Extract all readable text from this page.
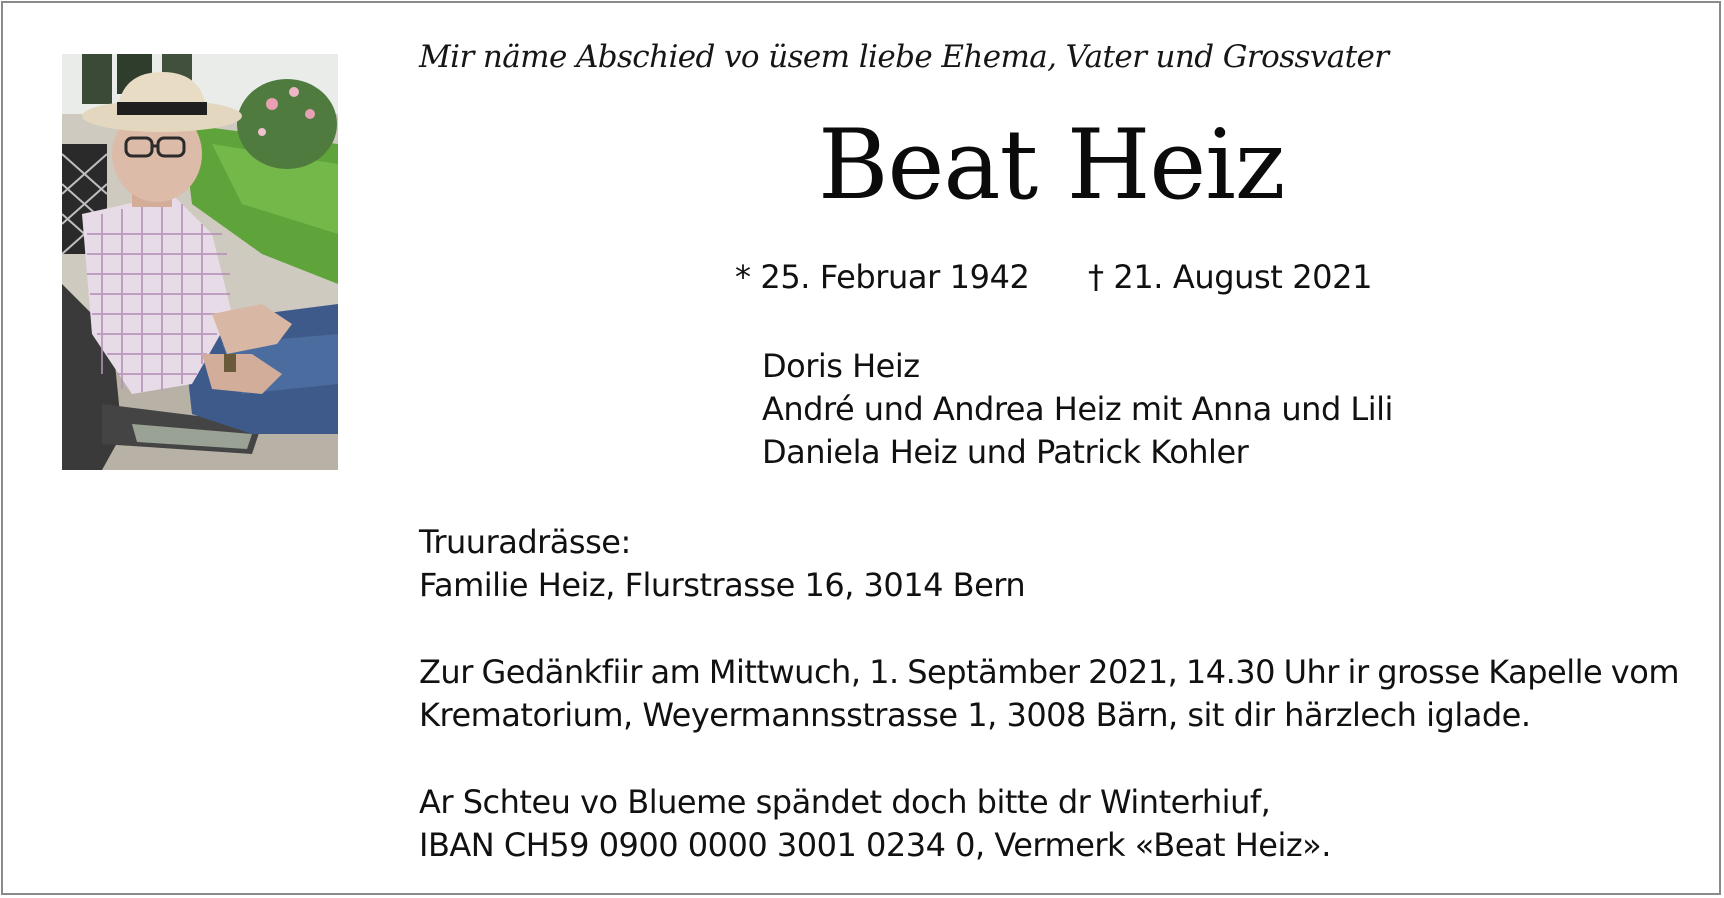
Mir näme Abschied vo üsem liebe Ehema, Vater und Grossvater
Beat Heiz
* 25. Februar 1942 † 21. August 2021
Doris Heiz
André und Andrea Heiz mit Anna und Lili
Daniela Heiz und Patrick Kohler
Truuradrässe:
Familie Heiz, Flurstrasse 16, 3014 Bern
Zur Gedänkfiir am Mittwuch, 1. Septämber 2021, 14.30 Uhr ir grosse Kapelle vom
Krematorium, Weyermannsstrasse 1, 3008 Bärn, sit dir härzlech iglade.
Ar Schteu vo Blueme spändet doch bitte dr Winterhiuf,
IBAN CH59 0900 0000 3001 0234 0, Vermerk «Beat Heiz».
